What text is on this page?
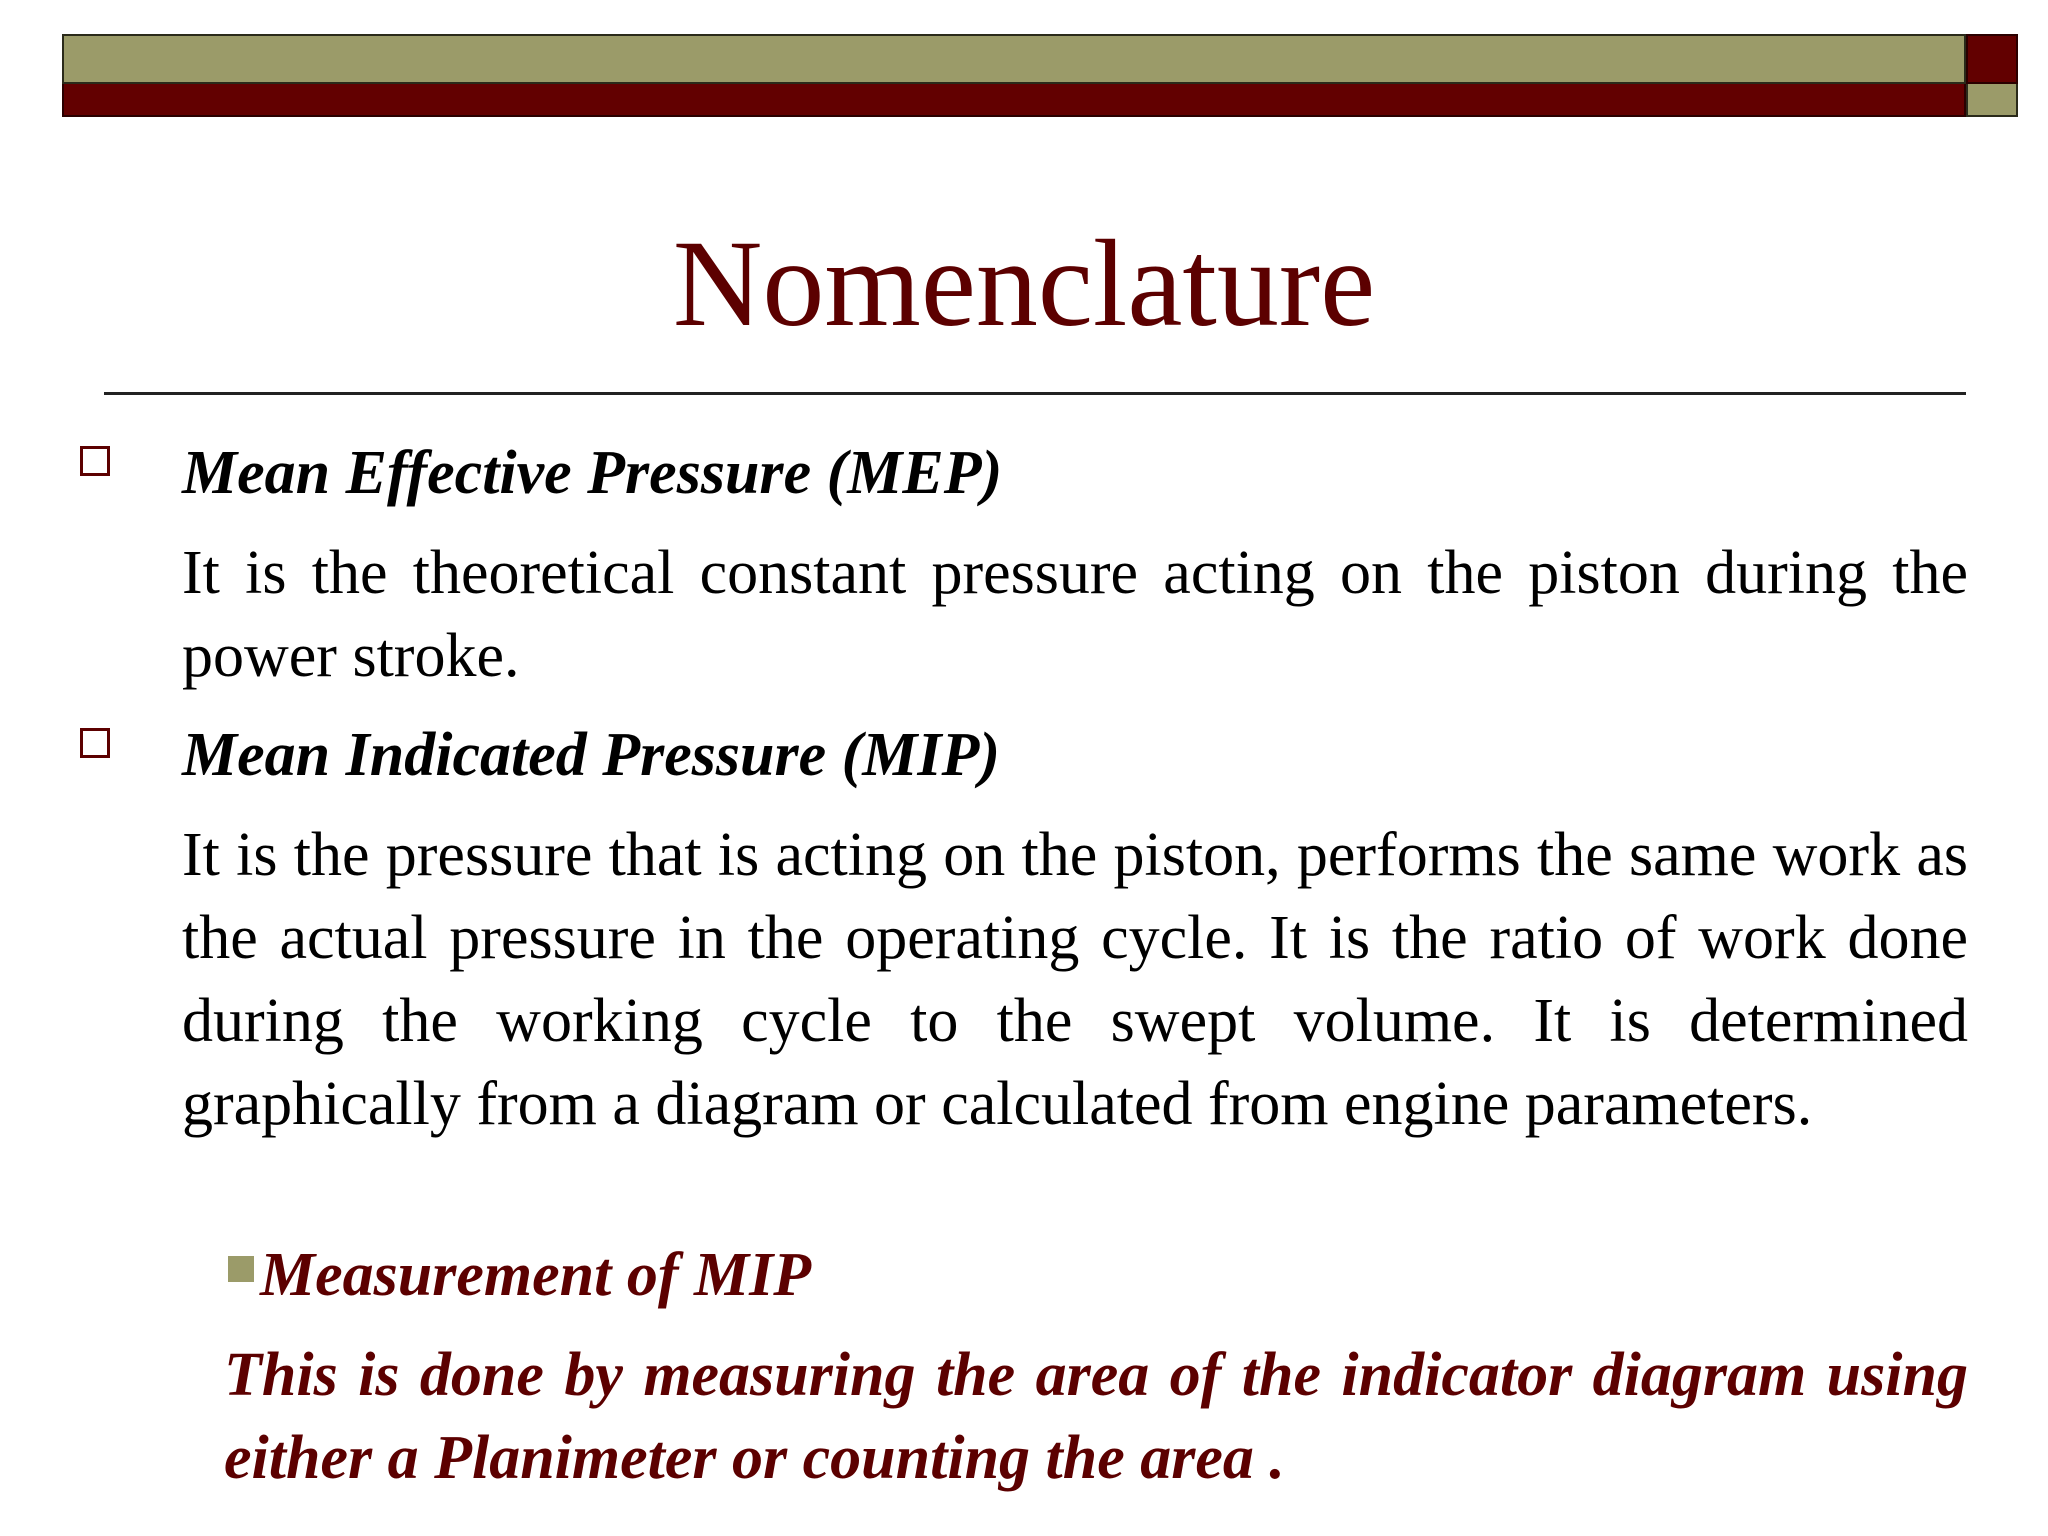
Nomenclature
Mean Effective Pressure (MEP)

It is the theoretical constant pressure acting on the piston during the power stroke.

Mean Indicated Pressure (MIP)

It is the pressure that is acting on the piston, performs the same work as the actual pressure in the operating cycle. It is the ratio of work done during the working cycle to the swept volume. It is determined graphically from a diagram or calculated from engine parameters.

Measurement of MIP

This is done by measuring the area of the indicator diagram using either a Planimeter or counting the area .
